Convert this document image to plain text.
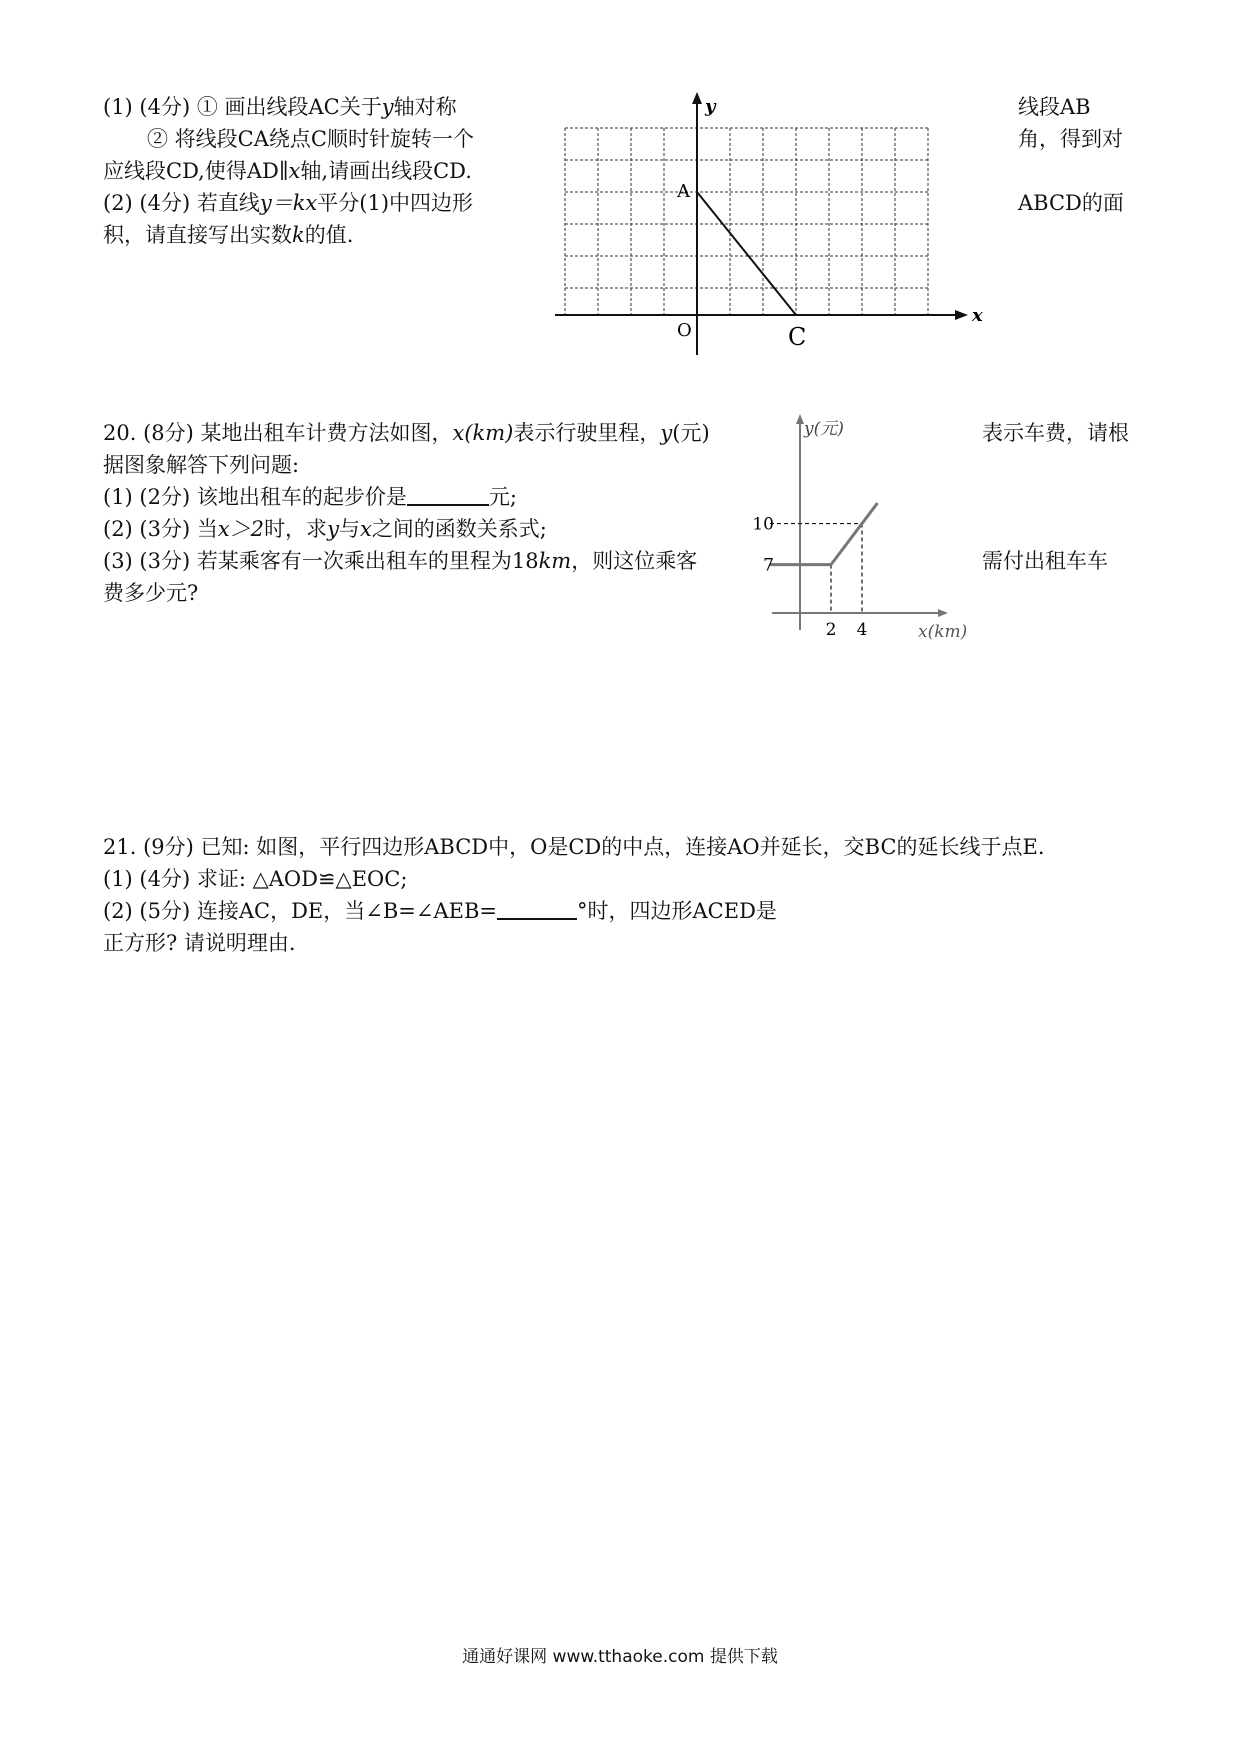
(1) (4分) ① 画出线段AC关于y轴对称	线段AB
② 将线段CA绕点C顺时针旋转一个	角，得到对
应线段CD,使得AD∥x轴,请画出线段CD.
(2) (4分) 若直线y＝kx平分(1)中四边形	ABCD的面
积，请直接写出实数k的值.
y
x
A
O	C
20. (8分) 某地出租车计费方法如图，x(km)表示行驶里程，y(元)	表示车费，请根
据图象解答下列问题:
(1) (2分) 该地出租车的起步价是	元;
(2) (3分) 当x＞2时，求y与x之间的函数关系式;
(3) (3分) 若某乘客有一次乘出租车的里程为18km，则这位乘客	需付出租车车
费多少元?
10
7
2 4
y(元)
x(km)
21. (9分) 已知: 如图，平行四边形ABCD中，O是CD的中点，连接AO并延长，交BC的延长线于点E.
(1) (4分) 求证: △AOD≌△EOC;
(2) (5分) 连接AC，DE，当∠B=∠AEB=	°时，四边形ACED是
正方形? 请说明理由.
通通好课网 www.tthaoke.com 提供下载
